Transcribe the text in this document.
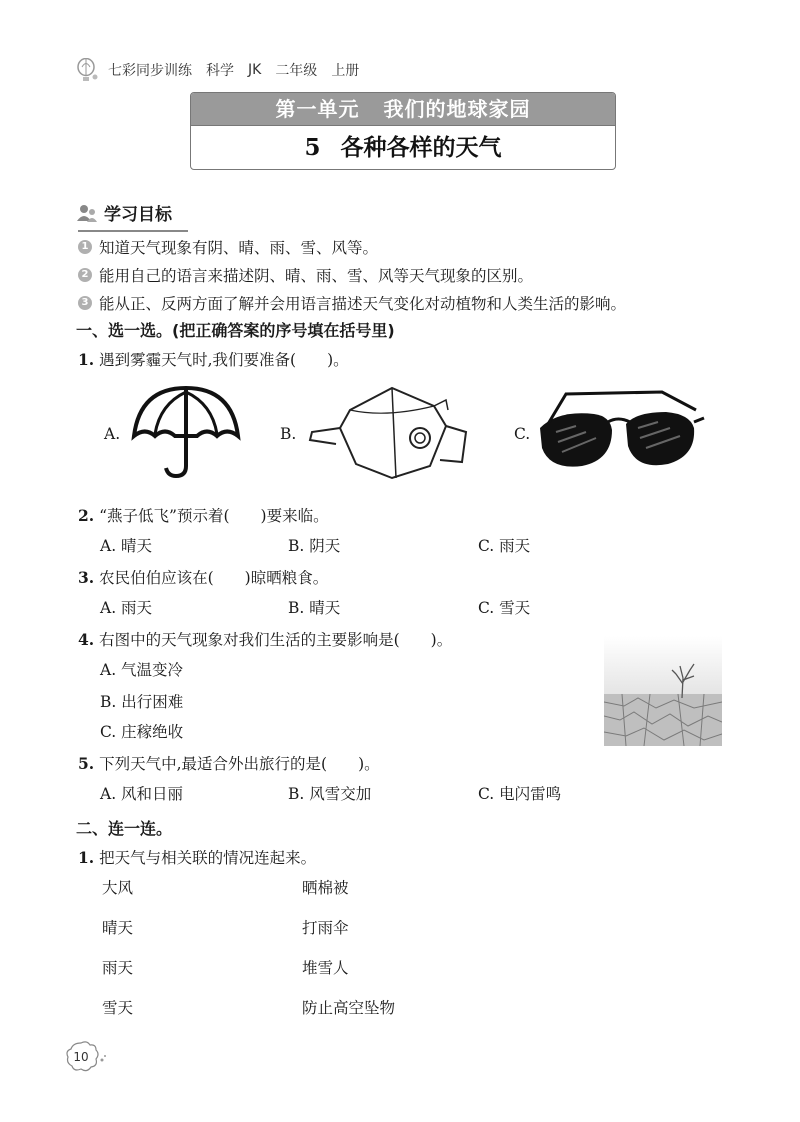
七彩同步训练 科学 JK 二年级 上册
第一单元 我们的地球家园
5 各种各样的天气
学习目标
1 知道天气现象有阴、晴、雨、雪、风等。
2 能用自己的语言来描述阴、晴、雨、雪、风等天气现象的区别。
3 能从正、反两方面了解并会用语言描述天气变化对动植物和人类生活的影响。
一、选一选。(把正确答案的序号填在括号里)
1. 遇到雾霾天气时,我们要准备(　　)。
A.	B.	C.
2. “燕子低飞”预示着(　　)要来临。
A. 晴天	B. 阴天	C. 雨天
3. 农民伯伯应该在(　　)晾晒粮食。
A. 雨天	B. 晴天	C. 雪天
4. 右图中的天气现象对我们生活的主要影响是(　　)。
A. 气温变冷
B. 出行困难
C. 庄稼绝收
5. 下列天气中,最适合外出旅行的是(　　)。
A. 风和日丽	B. 风雪交加	C. 电闪雷鸣
二、连一连。
1. 把天气与相关联的情况连起来。
大风
晴天
雨天
雪天
晒棉被
打雨伞
堆雪人
防止高空坠物
10
